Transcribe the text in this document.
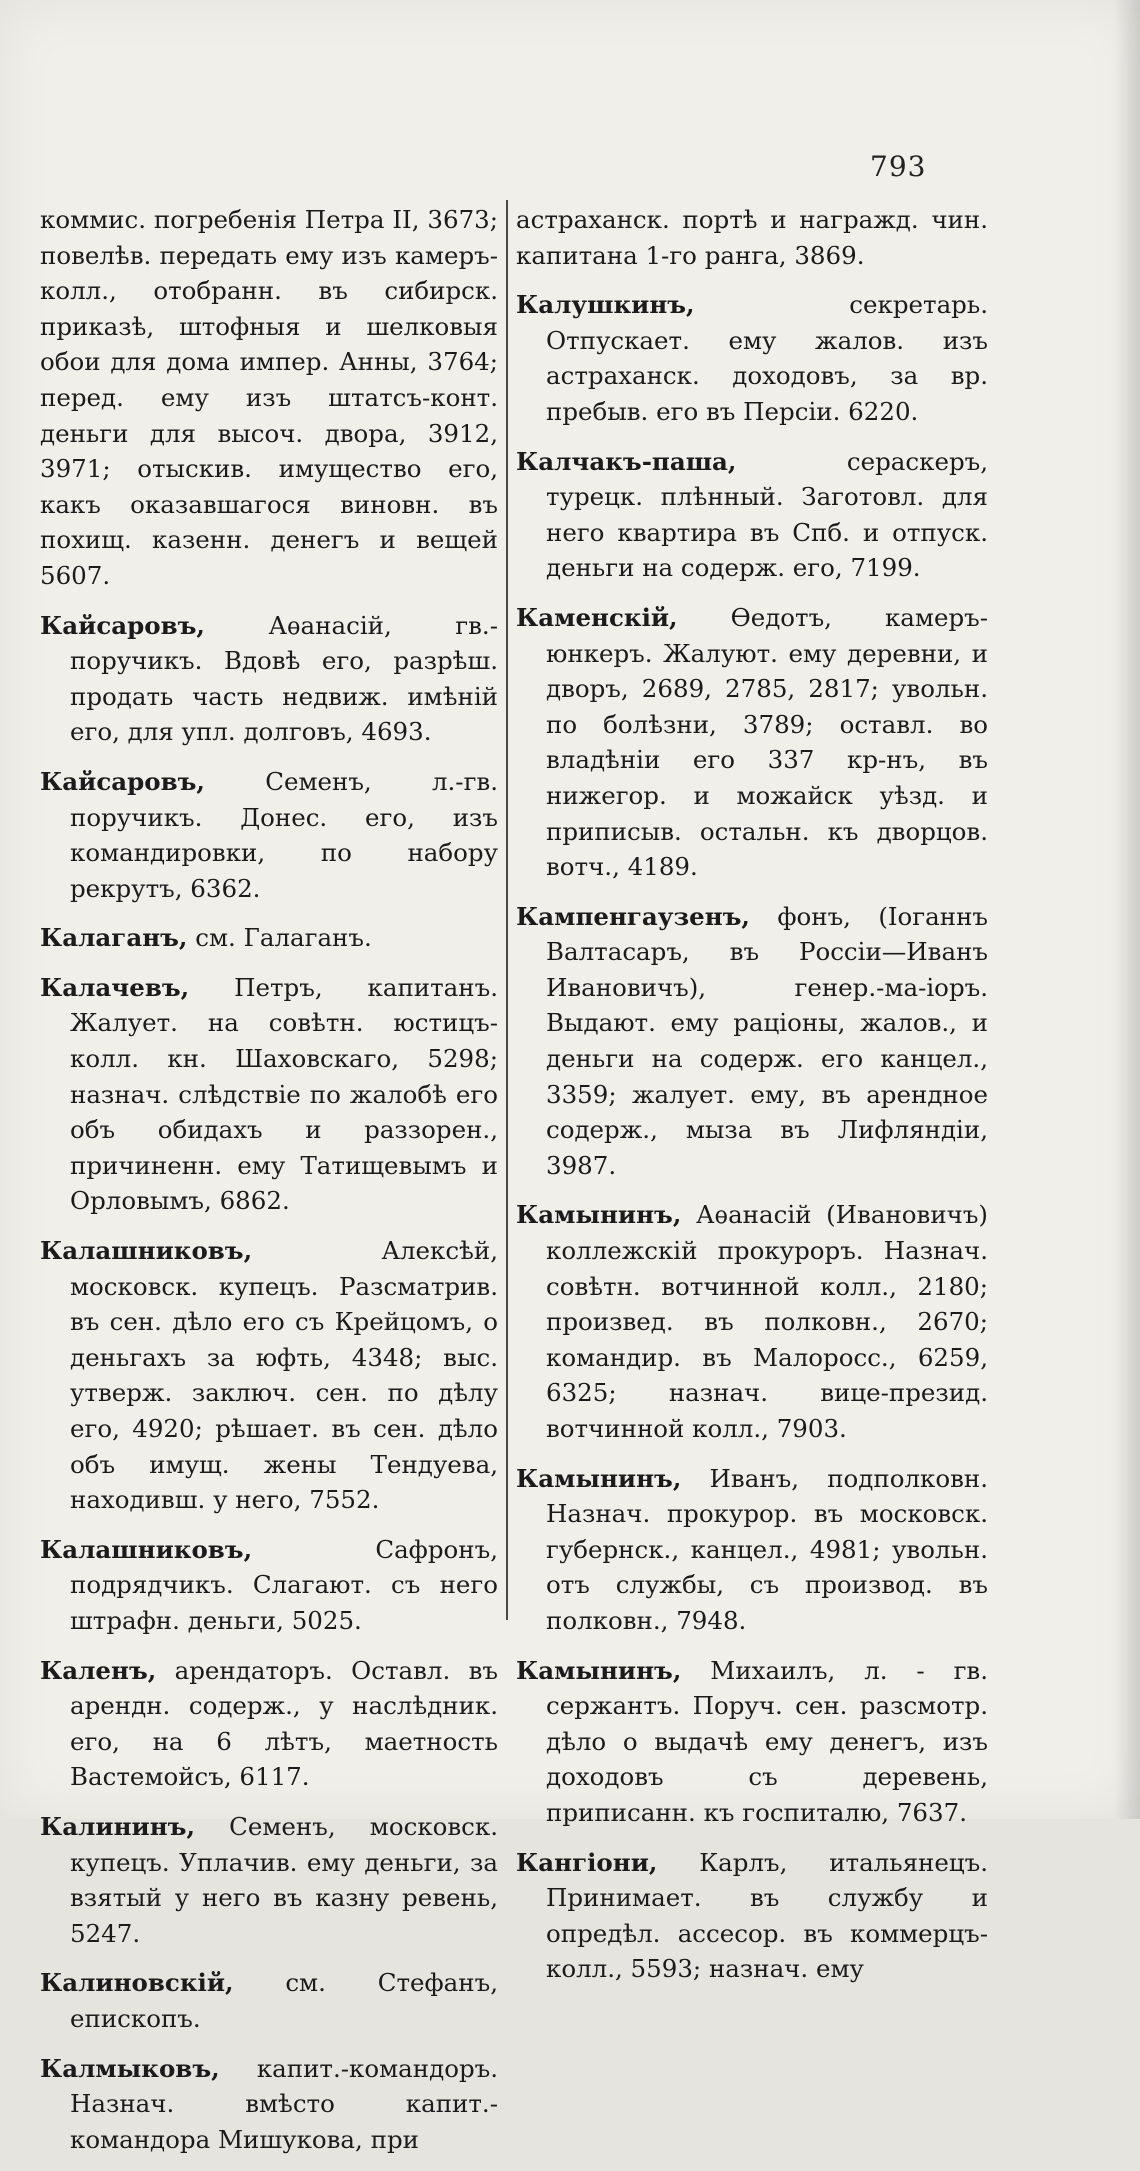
793

коммис. погребенія Петра II, 3673; повелѣв. передать ему изъ камеръ-колл., отобранн. въ сибирск. приказѣ, штофныя и шелковыя обои для дома импер. Анны, 3764; перед. ему изъ штатсъ-конт. деньги для высоч. двора, 3912, 3971; отыскив. имущество его, какъ оказавшагося виновн. въ похищ. казенн. денегъ и вещей 5607.

Кайсаровъ, Аѳанасій, гв.-поручикъ. Вдовѣ его, разрѣш. продать часть недвиж. имѣній его, для упл. долговъ, 4693.

Кайсаровъ, Семенъ, л.-гв. поручикъ. Донес. его, изъ командировки, по набору рекрутъ, 6362.

Калаганъ, см. Галаганъ.

Калачевъ, Петръ, капитанъ. Жалует. на совѣтн. юстицъ-колл. кн. Шаховскаго, 5298; назнач. слѣдствіе по жалобѣ его объ обидахъ и раззорен., причиненн. ему Татищевымъ и Орловымъ, 6862.

Калашниковъ, Алексѣй, московск. купецъ. Разсматрив. въ сен. дѣло его съ Крейцомъ, о деньгахъ за юфть, 4348; выс. утверж. заключ. сен. по дѣлу его, 4920; рѣшает. въ сен. дѣло объ имущ. жены Тендуева, находивш. у него, 7552.

Калашниковъ, Сафронъ, подрядчикъ. Слагают. съ него штрафн. деньги, 5025.

Каленъ, арендаторъ. Оставл. въ арендн. содерж., у наслѣдник. его, на 6 лѣтъ, маетность Вастемойсъ, 6117.

Калининъ, Семенъ, московск. купецъ. Уплачив. ему деньги, за взятый у него въ казну ревень, 5247.

Калиновскій, см. Стефанъ, епископъ.

Калмыковъ, капит.-командоръ. Назнач. вмѣсто капит.-командора Мишукова, при

астраханск. портѣ и награжд. чин. капитана 1-го ранга, 3869.

Калушкинъ, секретарь. Отпускает. ему жалов. изъ астраханск. доходовъ, за вр. пребыв. его въ Персіи. 6220.

Калчакъ-паша, сераскеръ, турецк. плѣнный. Заготовл. для него квартира въ Спб. и отпуск. деньги на содерж. его, 7199.

Каменскій, Ѳедотъ, камеръ-юнкеръ. Жалуют. ему деревни, и дворъ, 2689, 2785, 2817; увольн. по болѣзни, 3789; оставл. во владѣніи его 337 кр-нъ, въ нижегор. и можайск уѣзд. и приписыв. остальн. къ дворцов. вотч., 4189.

Кампенгаузенъ, фонъ, (Іоганнъ Валтасаръ, въ Россіи—Иванъ Ивановичъ), генер.-ма-іоръ. Выдают. ему раціоны, жалов., и деньги на содерж. его канцел., 3359; жалует. ему, въ арендное содерж., мыза въ Лифляндіи, 3987.

Камынинъ, Аѳанасій (Ивановичъ) коллежскій прокуроръ. Назнач. совѣтн. вотчинной колл., 2180; произвед. въ полковн., 2670; командир. въ Малоросс., 6259, 6325; назнач. вице-презид. вотчинной колл., 7903.

Камынинъ, Иванъ, подполковн. Назнач. прокурор. въ московск. губернск., канцел., 4981; увольн. отъ службы, съ производ. въ полковн., 7948.

Камынинъ, Михаилъ, л. - гв. сержантъ. Поруч. сен. разсмотр. дѣло о выдачѣ ему денегъ, изъ доходовъ съ деревень, приписанн. къ госпиталю, 7637.

Кангіони, Карлъ, итальянецъ. Принимает. въ службу и опредѣл. ассесор. въ коммерцъ-колл., 5593; назнач. ему
